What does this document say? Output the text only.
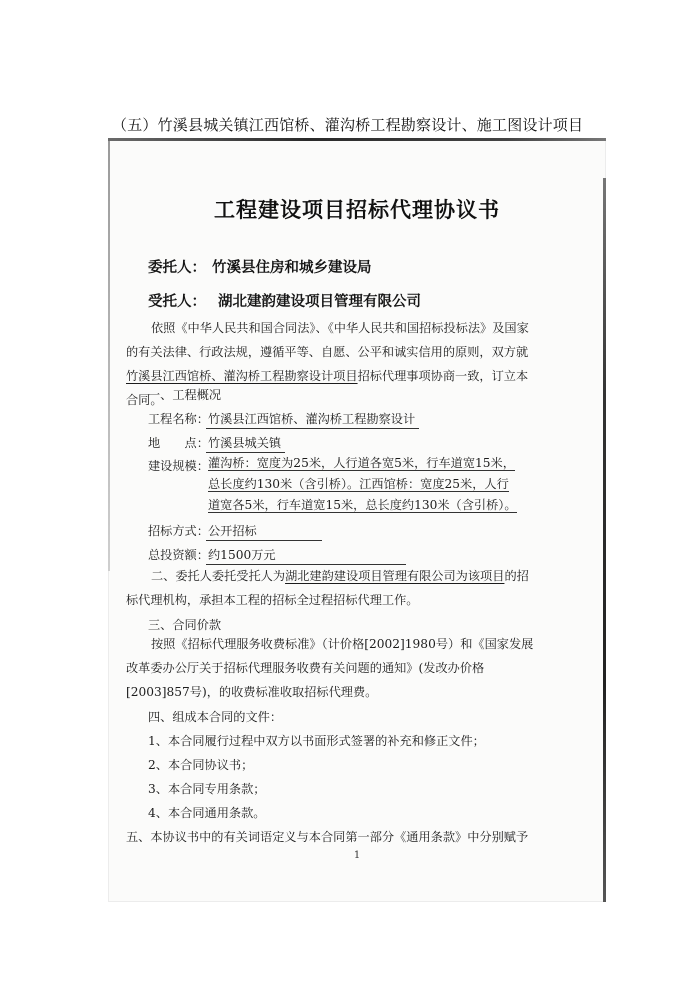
（五）竹溪县城关镇江西馆桥、灌沟桥工程勘察设计、施工图设计项目
工程建设项目招标代理协议书
委托人： 竹溪县住房和城乡建设局
受托人： 湖北建韵建设项目管理有限公司
依照《中华人民共和国合同法》、《中华人民共和国招标投标法》及国家的有关法律、行政法规，遵循平等、自愿、公平和诚实信用的原则，双方就竹溪县江西馆桥、灌沟桥工程勘察设计项目招标代理事项协商一致，订立本合同。
一、工程概况
工程名称：竹溪县江西馆桥、灌沟桥工程勘察设计
地　　点：竹溪县城关镇
建设规模： 灌沟桥：宽度为25米，人行道各宽5米，行车道宽15米，总长度约130米（含引桥）。江西馆桥：宽度25米，人行道宽各5米，行车道宽15米，总长度约130米（含引桥）。
招标方式：公开招标
总投资额：约1500万元
二、委托人委托受托人为湖北建韵建设项目管理有限公司为该项目的招标代理机构，承担本工程的招标全过程招标代理工作。
三、合同价款
按照《招标代理服务收费标准》（计价格[2002]1980号）和《国家发展改革委办公厅关于招标代理服务收费有关问题的通知》(发改办价格[2003]857号)，的收费标准收取招标代理费。
四、组成本合同的文件：
1、本合同履行过程中双方以书面形式签署的补充和修正文件；
2、本合同协议书；
3、本合同专用条款；
4、本合同通用条款。
五、本协议书中的有关词语定义与本合同第一部分《通用条款》中分别赋予
1
